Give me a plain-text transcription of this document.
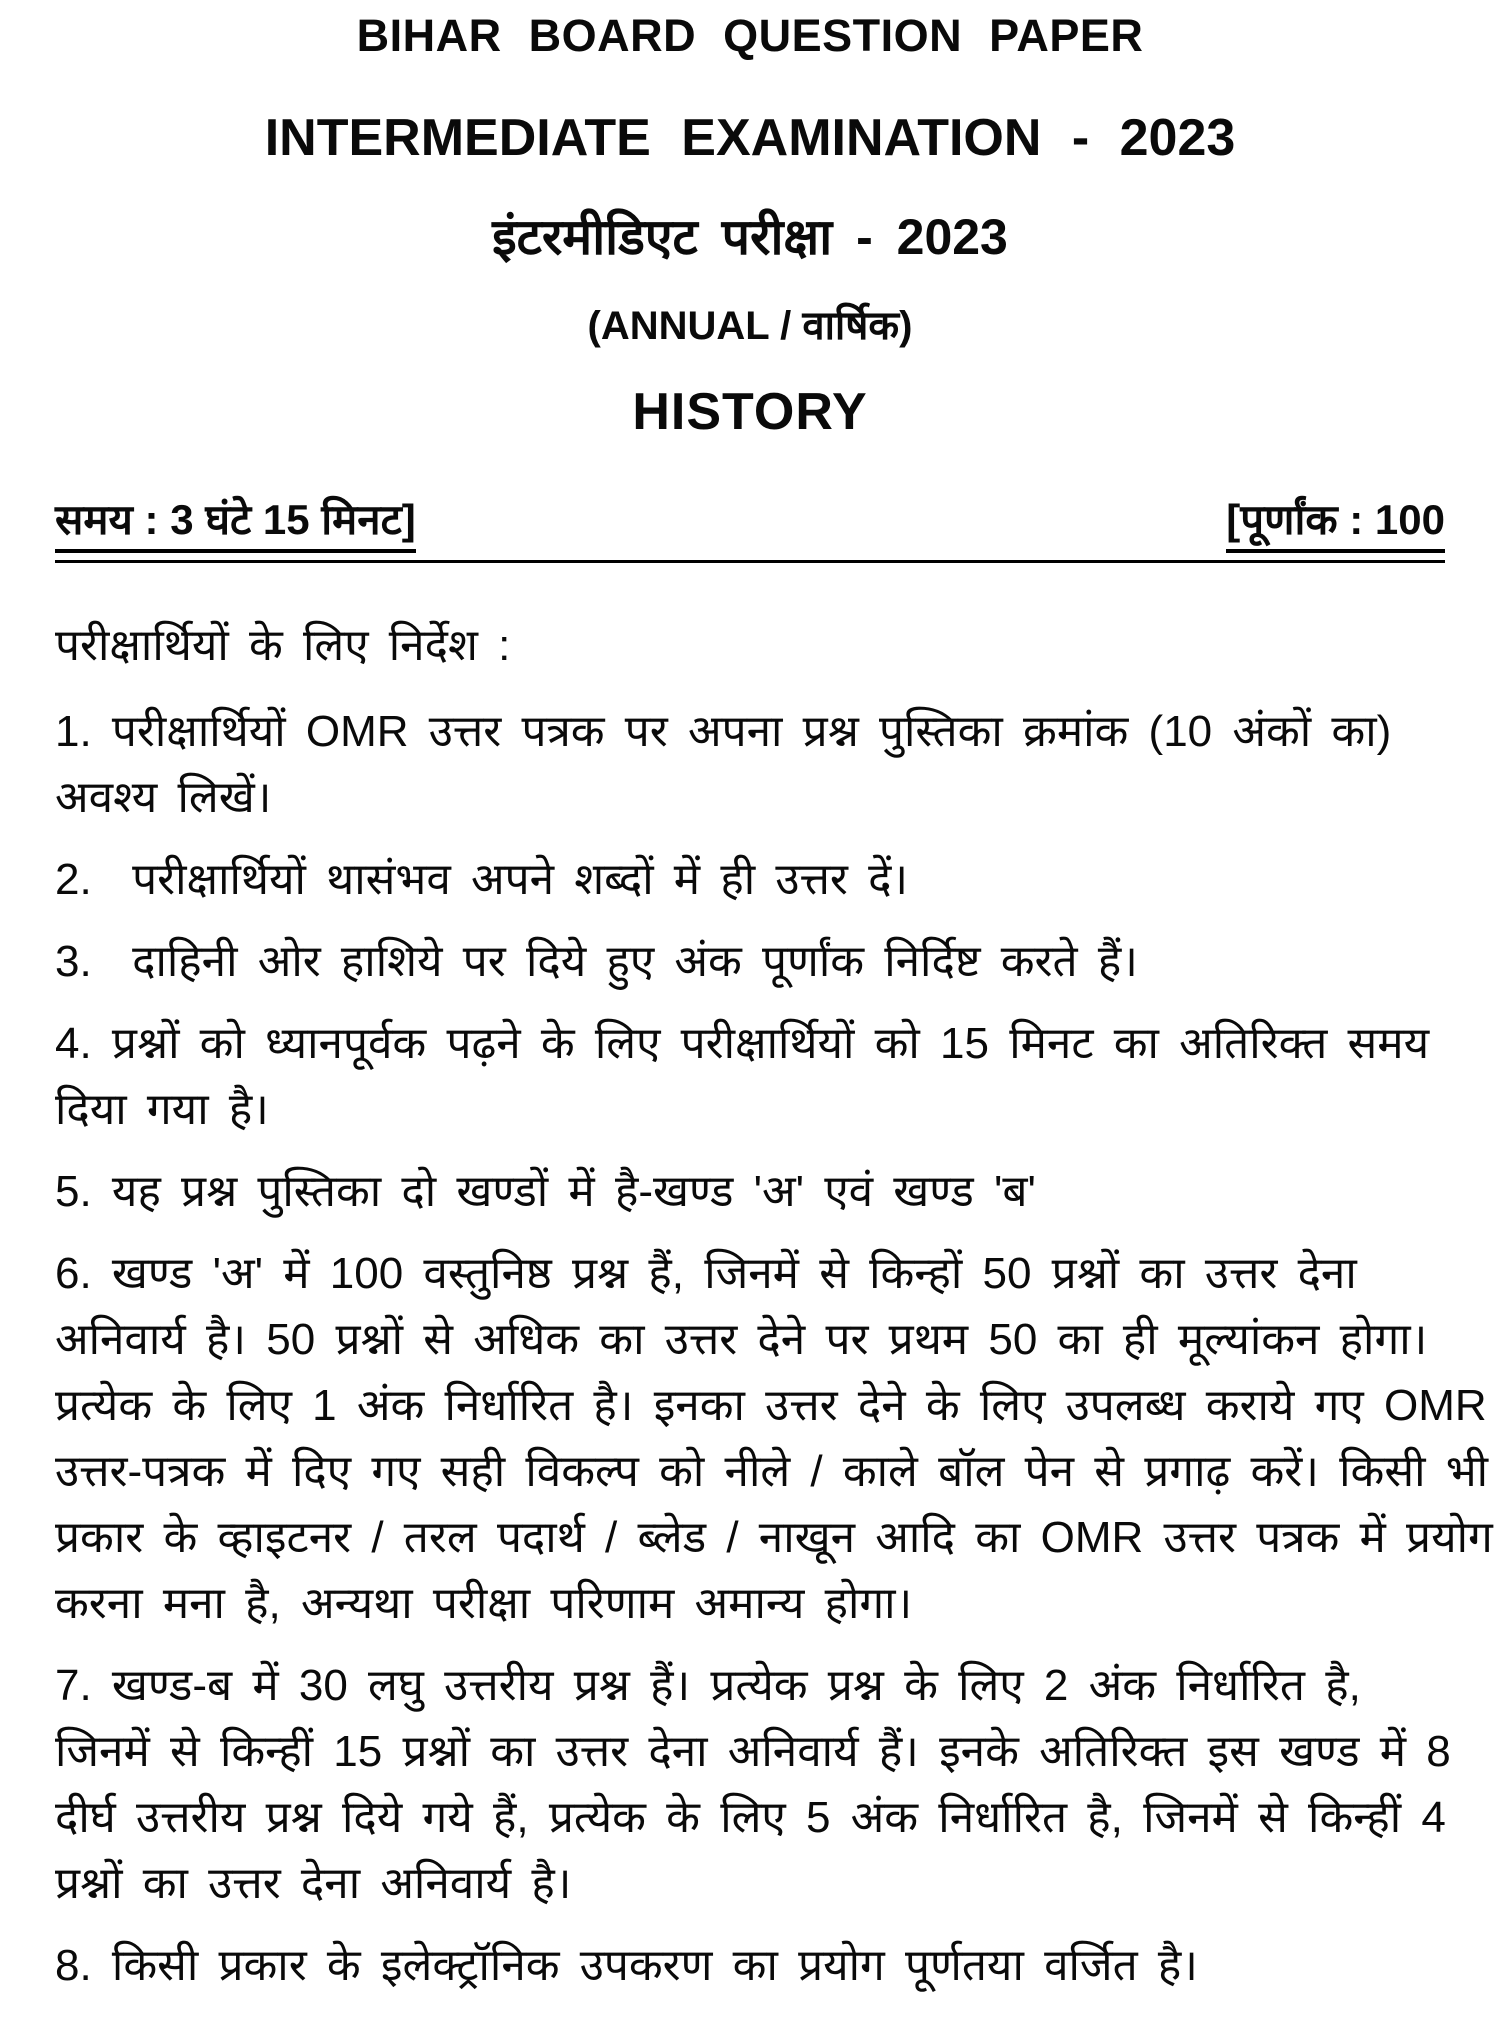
BIHAR BOARD QUESTION PAPER
INTERMEDIATE EXAMINATION - 2023
इंटरमीडिएट परीक्षा - 2023
(ANNUAL / वार्षिक)
HISTORY
समय : 3 घंटे 15 मिनट]	[पूर्णांक : 100
परीक्षार्थियों के लिए निर्देश :
1. परीक्षार्थियों OMR उत्तर पत्रक पर अपना प्रश्न पुस्तिका क्रमांक (10 अंकों का)
अवश्य लिखें।
2.  परीक्षार्थियों थासंभव अपने शब्दों में ही उत्तर दें।
3.  दाहिनी ओर हाशिये पर दिये हुए अंक पूर्णांक निर्दिष्ट करते हैं।
4. प्रश्नों को ध्यानपूर्वक पढ़ने के लिए परीक्षार्थियों को 15 मिनट का अतिरिक्त समय
दिया गया है।
5. यह प्रश्न पुस्तिका दो खण्डों में है-खण्ड 'अ' एवं खण्ड 'ब'
6. खण्ड 'अ' में 100 वस्तुनिष्ठ प्रश्न हैं, जिनमें से किन्हों 50 प्रश्नों का उत्तर देना
अनिवार्य है। 50 प्रश्नों से अधिक का उत्तर देने पर प्रथम 50 का ही मूल्यांकन होगा।
प्रत्येक के लिए 1 अंक निर्धारित है। इनका उत्तर देने के लिए उपलब्ध कराये गए OMR
उत्तर-पत्रक में दिए गए सही विकल्प को नीले / काले बॉल पेन से प्रगाढ़ करें। किसी भी
प्रकार के व्हाइटनर / तरल पदार्थ / ब्लेड / नाखून आदि का OMR उत्तर पत्रक में प्रयोग
करना मना है, अन्यथा परीक्षा परिणाम अमान्य होगा।
7. खण्ड-ब में 30 लघु उत्तरीय प्रश्न हैं। प्रत्येक प्रश्न के लिए 2 अंक निर्धारित है,
जिनमें से किन्हीं 15 प्रश्नों का उत्तर देना अनिवार्य हैं। इनके अतिरिक्त इस खण्ड में 8
दीर्घ उत्तरीय प्रश्न दिये गये हैं, प्रत्येक के लिए 5 अंक निर्धारित है, जिनमें से किन्हीं 4
प्रश्नों का उत्तर देना अनिवार्य है।
8. किसी प्रकार के इलेक्ट्रॉनिक उपकरण का प्रयोग पूर्णतया वर्जित है।
